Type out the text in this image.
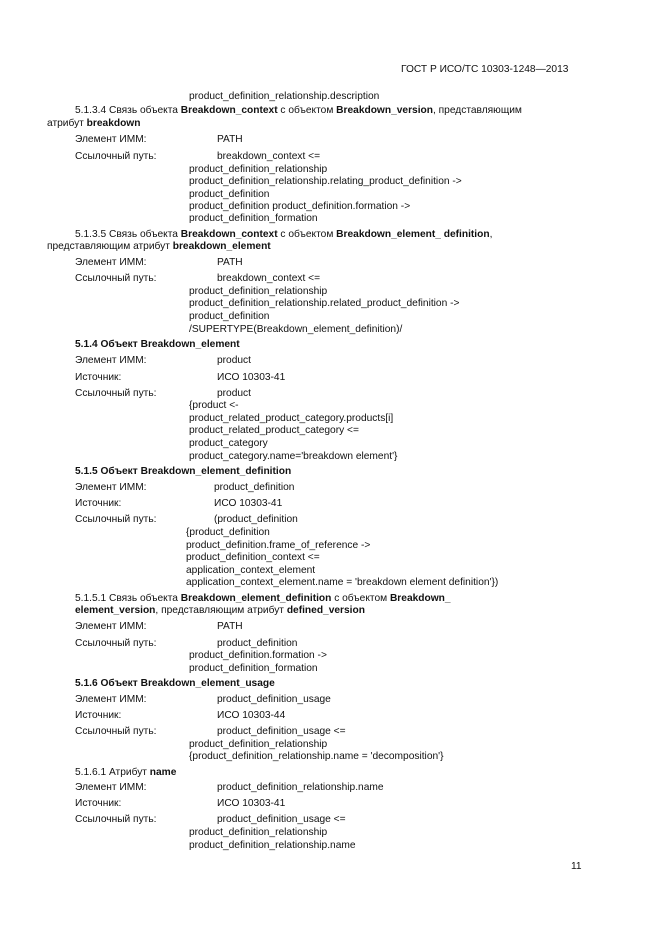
ГОСТ Р ИСО/ТС 10303-1248—2013
product_definition_relationship.description
5.1.3.4 Связь объекта Breakdown_context с объектом Breakdown_version, представляющим
атрибут breakdown
Элемент ИММ:	PATH
Ссылочный путь:	breakdown_context <=
product_definition_relationship
product_definition_relationship.relating_product_definition ->
product_definition
product_definition product_definition.formation ->
product_definition_formation
5.1.3.5 Связь объекта Breakdown_context с объектом Breakdown_element_ definition,
представляющим атрибут breakdown_element
Элемент ИММ:	PATH
Ссылочный путь:	breakdown_context <=
product_definition_relationship
product_definition_relationship.related_product_definition ->
product_definition
/SUPERTYPE(Breakdown_element_definition)/
5.1.4 Объект Breakdown_element
Элемент ИММ:	product
Источник:	ИСО 10303-41
Ссылочный путь:	product
{product <-
product_related_product_category.products[i]
product_related_product_category <=
product_category
product_category.name='breakdown element'}
5.1.5 Объект Breakdown_element_definition
Элемент ИММ:	product_definition
Источник:	ИСО 10303-41
Ссылочный путь:	(product_definition
{product_definition
product_definition.frame_of_reference ->
product_definition_context <=
application_context_element
application_context_element.name = 'breakdown element definition'})
5.1.5.1 Связь объекта Breakdown_element_definition с объектом Breakdown_
element_version, представляющим атрибут defined_version
Элемент ИММ:	PATH
Ссылочный путь:	product_definition
product_definition.formation ->
product_definition_formation
5.1.6 Объект Breakdown_element_usage
Элемент ИММ:	product_definition_usage
Источник:	ИСО 10303-44
Ссылочный путь:	product_definition_usage <=
product_definition_relationship
{product_definition_relationship.name = 'decomposition'}
5.1.6.1 Атрибут name
Элемент ИММ:	product_definition_relationship.name
Источник:	ИСО 10303-41
Ссылочный путь:	product_definition_usage <=
product_definition_relationship
product_definition_relationship.name
11
